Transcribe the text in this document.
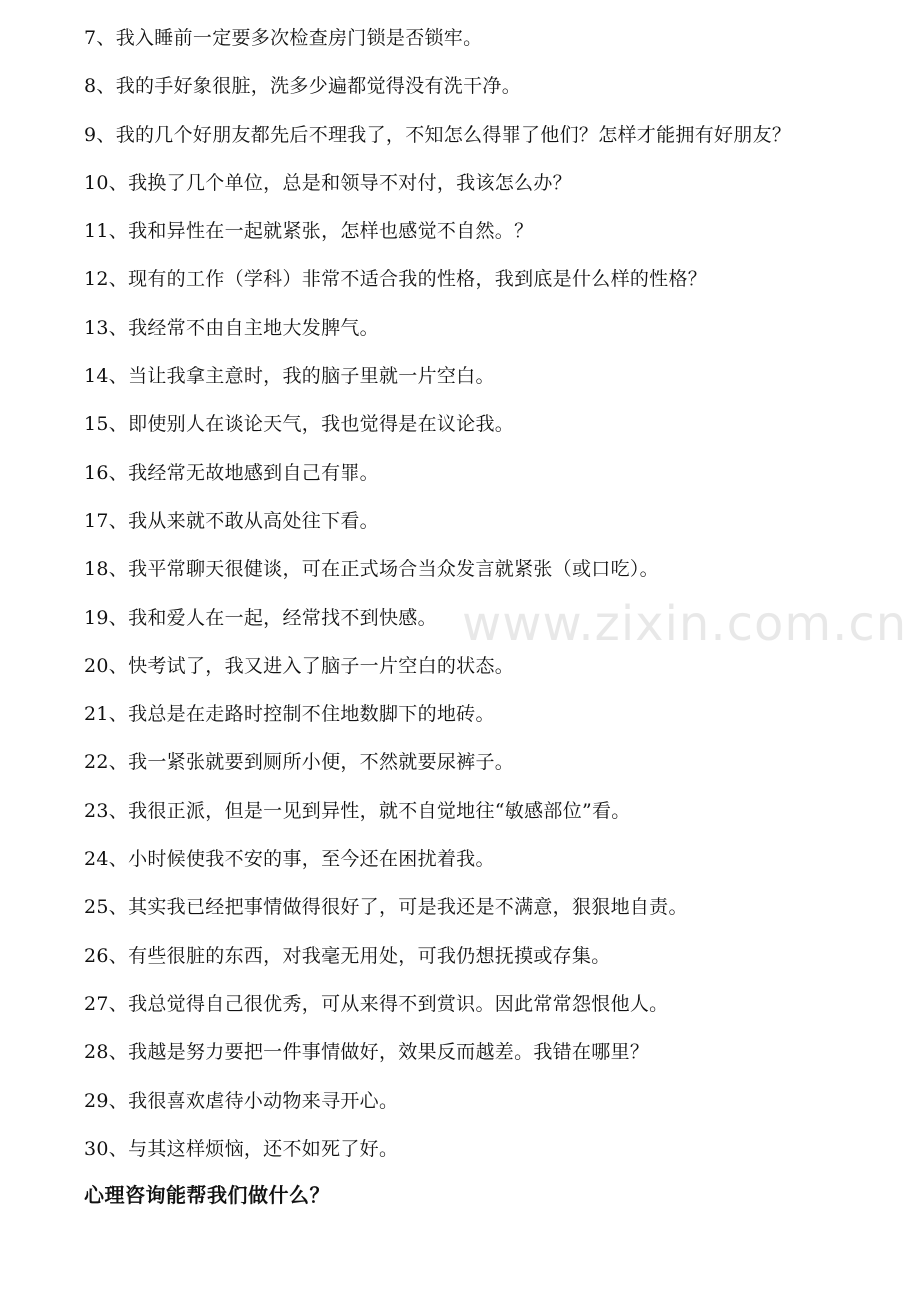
7、我入睡前一定要多次检查房门锁是否锁牢。
8、我的手好象很脏，洗多少遍都觉得没有洗干净。
9、我的几个好朋友都先后不理我了，不知怎么得罪了他们？怎样才能拥有好朋友？
10、我换了几个单位，总是和领导不对付，我该怎么办？
11、我和异性在一起就紧张，怎样也感觉不自然。？
12、现有的工作（学科）非常不适合我的性格，我到底是什么样的性格？
13、我经常不由自主地大发脾气。
14、当让我拿主意时，我的脑子里就一片空白。
15、即使别人在谈论天气，我也觉得是在议论我。
16、我经常无故地感到自己有罪。
17、我从来就不敢从高处往下看。
18、我平常聊天很健谈，可在正式场合当众发言就紧张（或口吃）。
19、我和爱人在一起，经常找不到快感。
20、快考试了，我又进入了脑子一片空白的状态。
21、我总是在走路时控制不住地数脚下的地砖。
22、我一紧张就要到厕所小便，不然就要尿裤子。
23、我很正派，但是一见到异性，就不自觉地往“敏感部位”看。
24、小时候使我不安的事，至今还在困扰着我。
25、其实我已经把事情做得很好了，可是我还是不满意，狠狠地自责。
26、有些很脏的东西，对我毫无用处，可我仍想抚摸或存集。
27、我总觉得自己很优秀，可从来得不到赏识。因此常常怨恨他人。
28、我越是努力要把一件事情做好，效果反而越差。我错在哪里？
29、我很喜欢虐待小动物来寻开心。
30、与其这样烦恼，还不如死了好。
心理咨询能帮我们做什么？
www.zixin.com.cn
